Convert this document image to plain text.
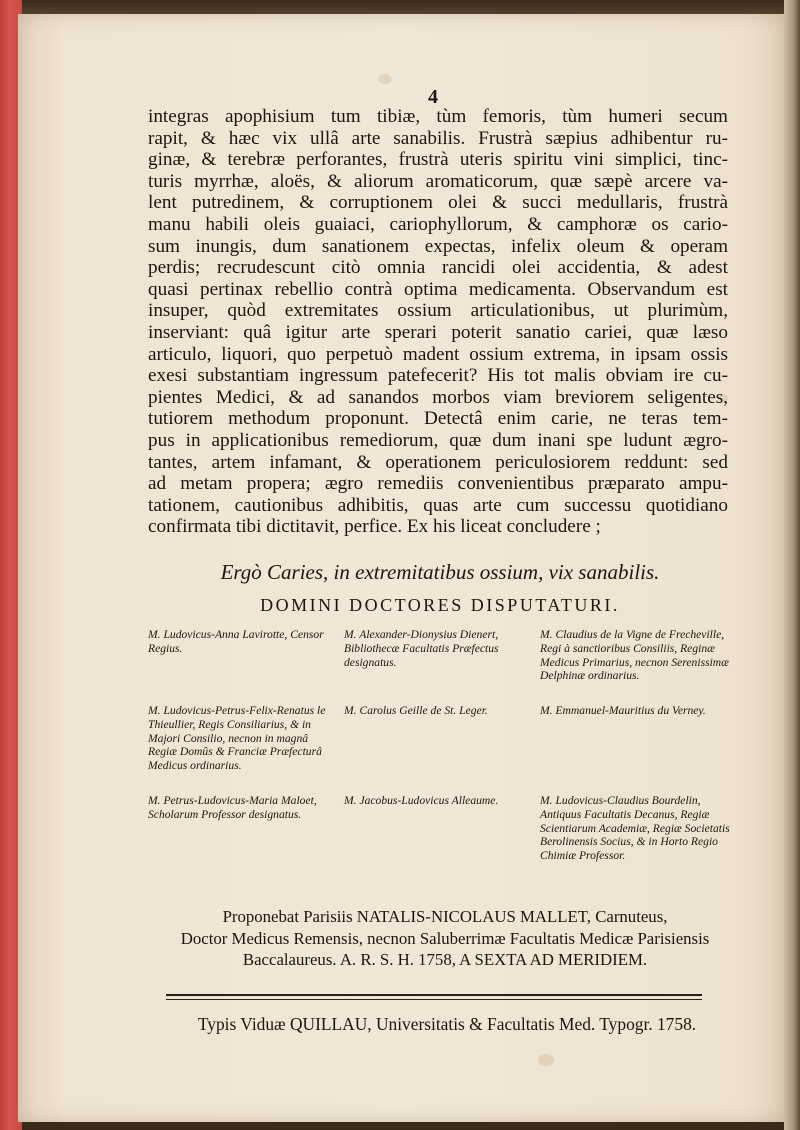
4
integras apophisium tum tibiæ, tùm femoris, tùm humeri secum
rapit, & hæc vix ullâ arte sanabilis. Frustrà sæpius adhibentur ru-
ginæ, & terebræ perforantes, frustrà uteris spiritu vini simplici, tinc-
turis myrrhæ, aloës, & aliorum aromaticorum, quæ sæpè arcere va-
lent putredinem, & corruptionem olei & succi medullaris, frustrà
manu habili oleis guaiaci, cariophyllorum, & camphoræ os cario-
sum inungis, dum sanationem expectas, infelix oleum & operam
perdis; recrudescunt citò omnia rancidi olei accidentia, & adest
quasi pertinax rebellio contrà optima medicamenta. Observandum est
insuper, quòd extremitates ossium articulationibus, ut plurimùm,
inserviant: quâ igitur arte sperari poterit sanatio cariei, quæ læso
articulo, liquori, quo perpetuò madent ossium extrema, in ipsam ossis
exesi substantiam ingressum patefecerit? His tot malis obviam ire cu-
pientes Medici, & ad sanandos morbos viam breviorem seligentes,
tutiorem methodum proponunt. Detectâ enim carie, ne teras tem-
pus in applicationibus remediorum, quæ dum inani spe ludunt ægro-
tantes, artem infamant, & operationem periculosiorem reddunt: sed
ad metam propera; ægro remediis convenientibus præparato ampu-
tationem, cautionibus adhibitis, quas arte cum successu quotidiano
confirmata tibi dictitavit, perfice. Ex his liceat concludere ;
Ergò Caries, in extremitatibus ossium, vix sanabilis.
DOMINI DOCTORES DISPUTATURI.
M. Ludovicus-Anna Lavirotte, Censor Regius.
M. Alexander-Dionysius Dienert, Bibliothecæ Facultatis Præfectus designatus.
M. Claudius de la Vigne de Frecheville, Regi à sanctioribus Consiliis, Reginæ Medicus Primarius, necnon Serenissimæ Delphinæ ordinarius.
M. Ludovicus-Petrus-Felix-Renatus le Thieullier, Regis Consiliarius, & in Majori Consilio, necnon in magnâ Regiæ Domûs & Franciæ Præfecturâ Medicus ordinarius.
M. Carolus Geille de St. Leger.	M. Emmanuel-Mauritius du Verney.
M. Petrus-Ludovicus-Maria Maloet, Scholarum Professor designatus.
M. Jacobus-Ludovicus Alleaume.	M. Ludovicus-Claudius Bourdelin, Antiquus Facultatis Decanus, Regiæ Scientiarum Academiæ, Regiæ Societatis Berolinensis Socius, & in Horto Regio Chimiæ Professor.
Proponebat Parisiis NATALIS-NICOLAUS MALLET, Carnuteus,
Doctor Medicus Remensis, necnon Saluberrimæ Facultatis Medicæ Parisiensis
Baccalaureus. A. R. S. H. 1758, A SEXTA AD MERIDIEM.
Typis Viduæ QUILLAU, Universitatis & Facultatis Med. Typogr. 1758.
